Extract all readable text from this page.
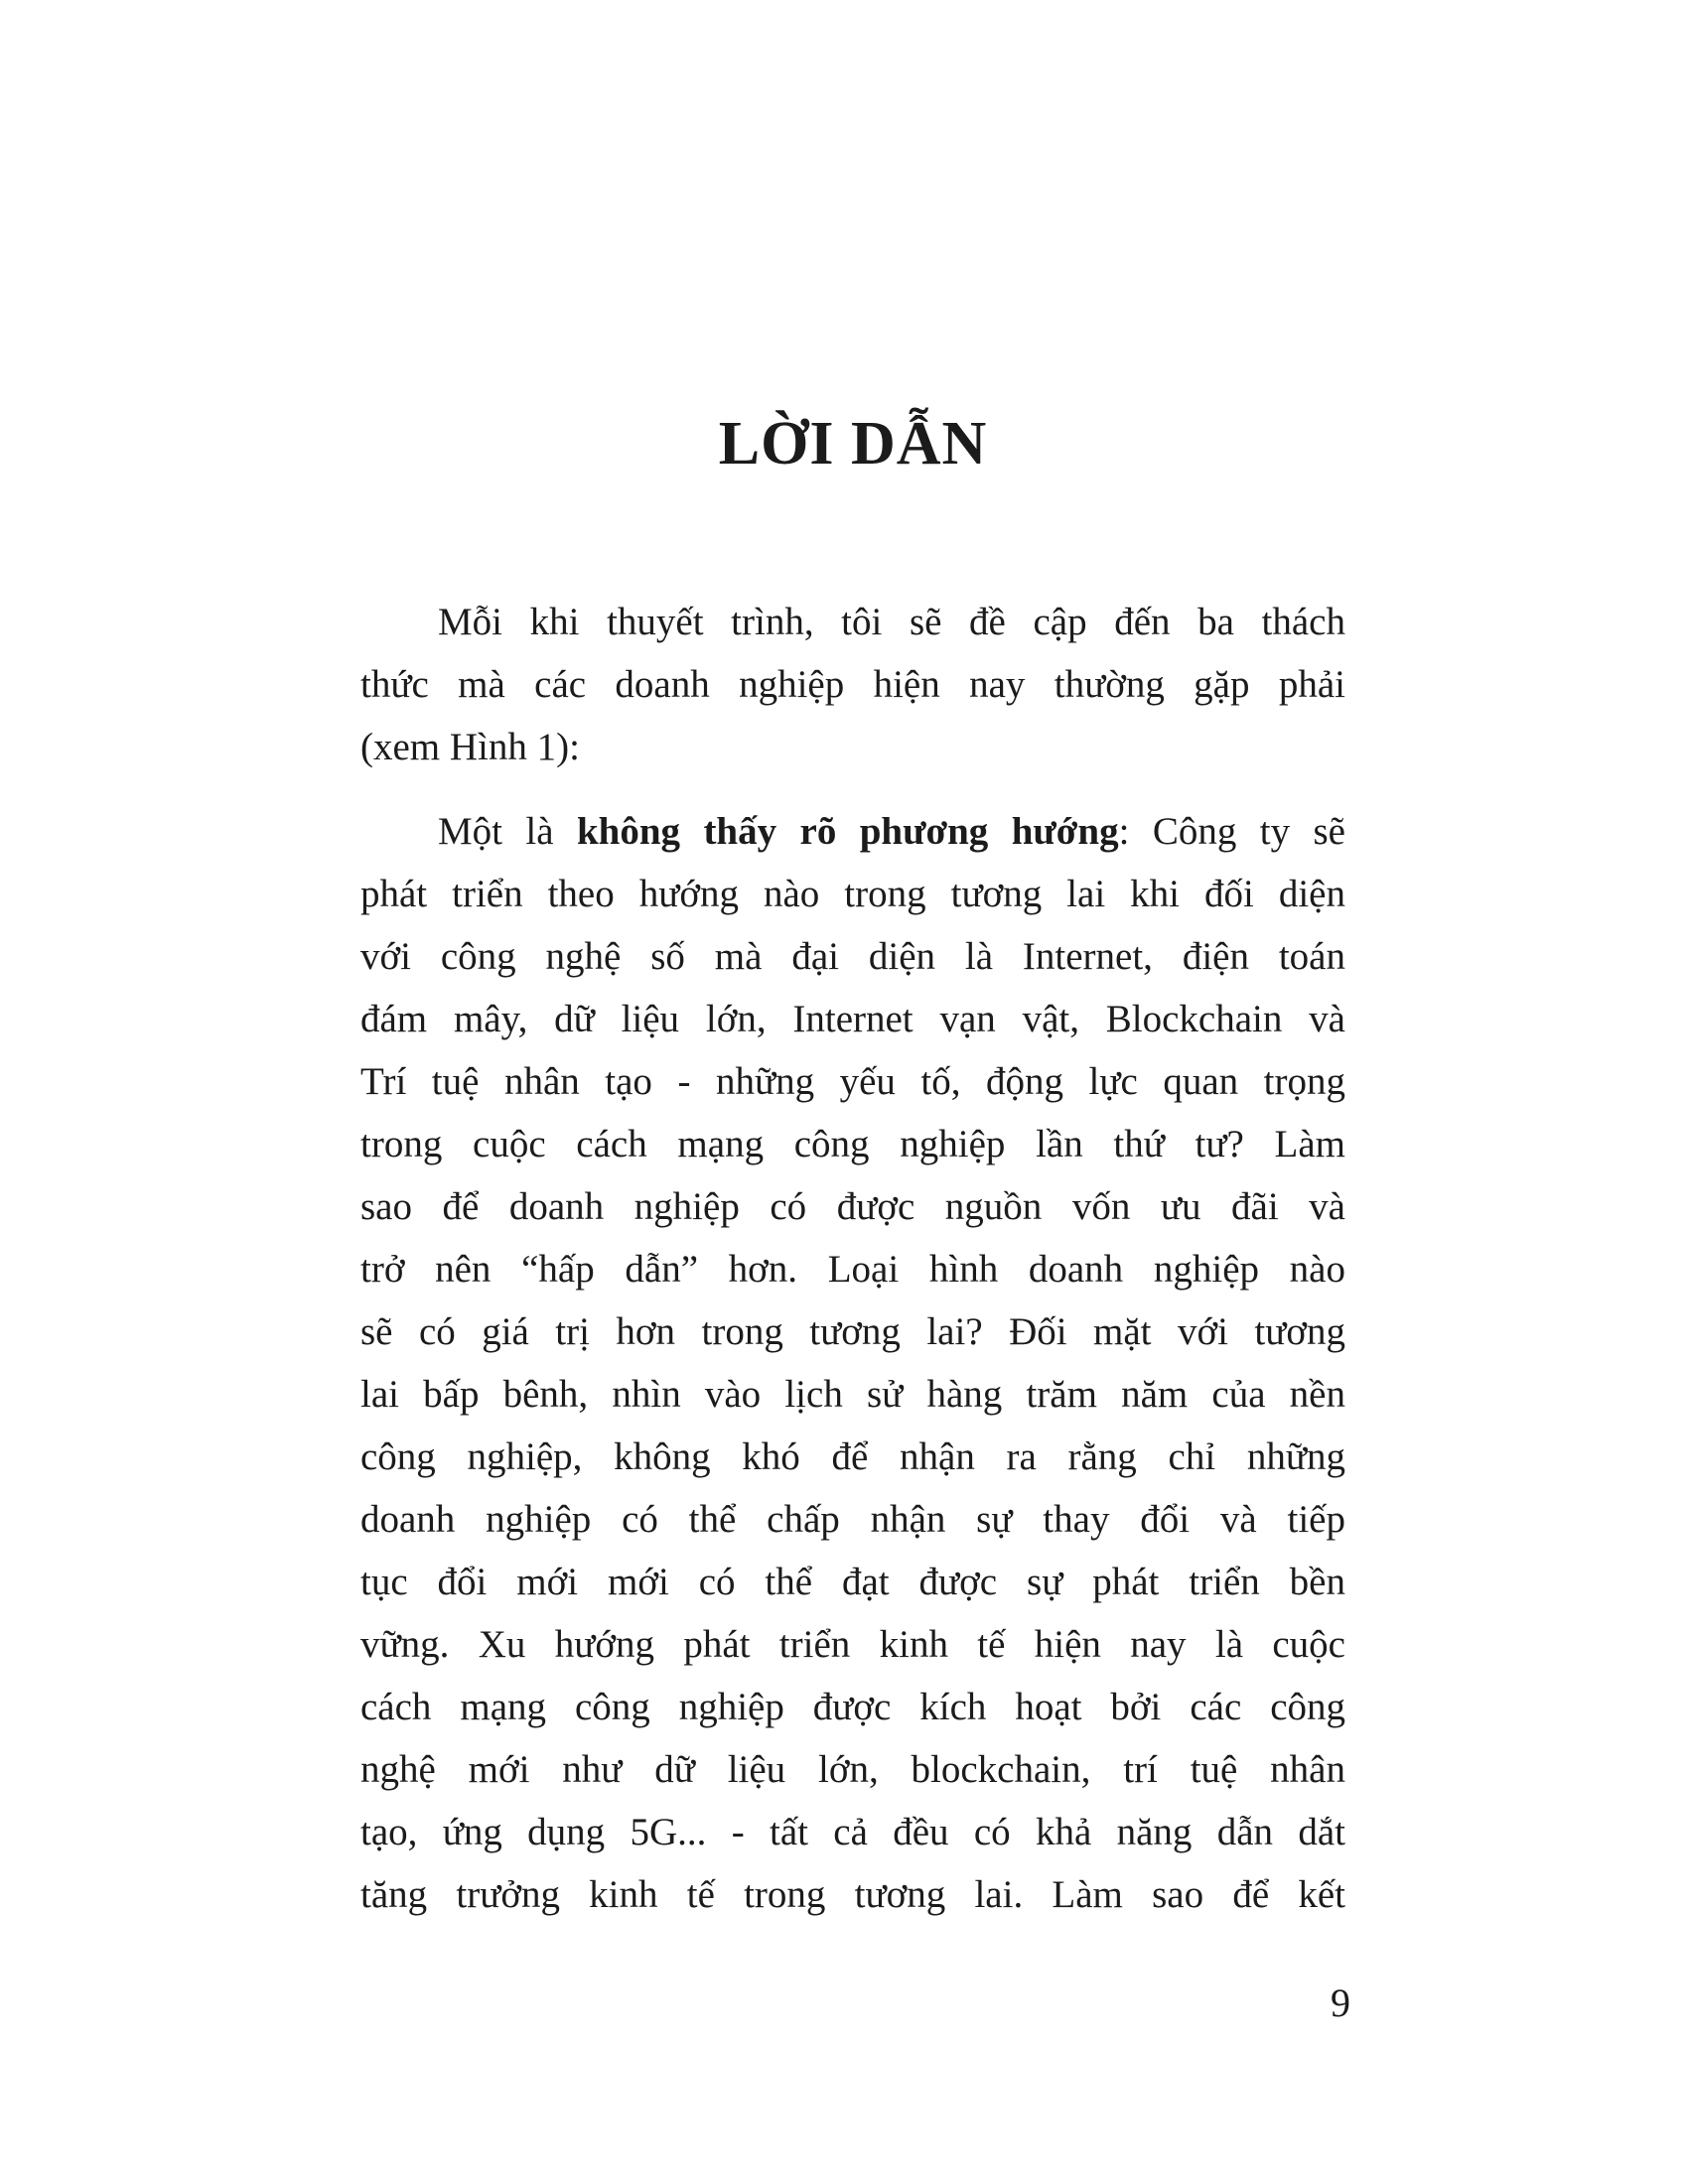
LỜI DẪN
Mỗi khi thuyết trình, tôi sẽ đề cập đến ba thách
thức mà các doanh nghiệp hiện nay thường gặp phải
(xem Hình 1):
Một là không thấy rõ phương hướng: Công ty sẽ
phát triển theo hướng nào trong tương lai khi đối diện
với công nghệ số mà đại diện là Internet, điện toán
đám mây, dữ liệu lớn, Internet vạn vật, Blockchain và
Trí tuệ nhân tạo - những yếu tố, động lực quan trọng
trong cuộc cách mạng công nghiệp lần thứ tư? Làm
sao để doanh nghiệp có được nguồn vốn ưu đãi và
trở nên “hấp dẫn” hơn. Loại hình doanh nghiệp nào
sẽ có giá trị hơn trong tương lai? Đối mặt với tương
lai bấp bênh, nhìn vào lịch sử hàng trăm năm của nền
công nghiệp, không khó để nhận ra rằng chỉ những
doanh nghiệp có thể chấp nhận sự thay đổi và tiếp
tục đổi mới mới có thể đạt được sự phát triển bền
vững. Xu hướng phát triển kinh tế hiện nay là cuộc
cách mạng công nghiệp được kích hoạt bởi các công
nghệ mới như dữ liệu lớn, blockchain, trí tuệ nhân
tạo, ứng dụng 5G... - tất cả đều có khả năng dẫn dắt
tăng trưởng kinh tế trong tương lai. Làm sao để kết
9
